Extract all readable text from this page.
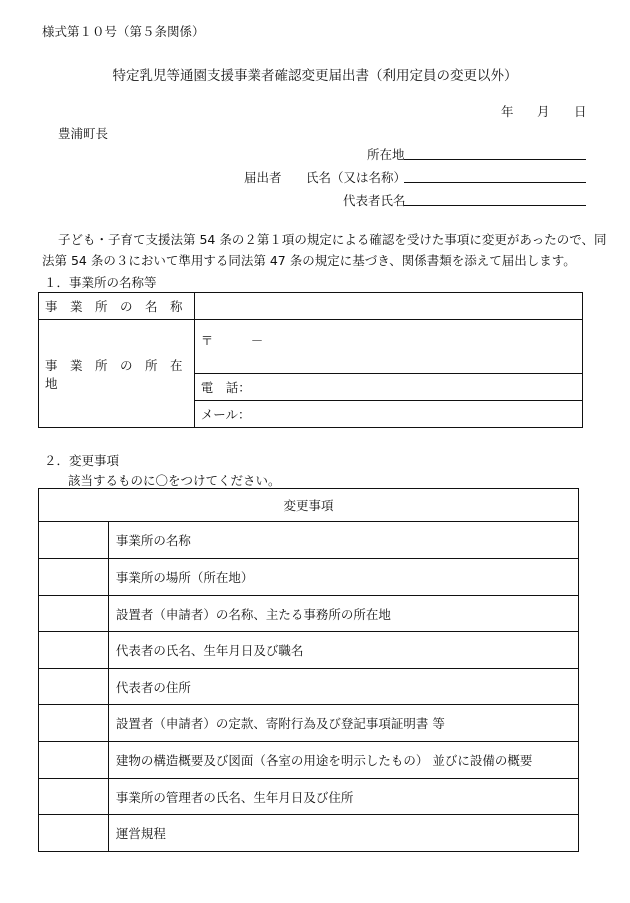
様式第１０号（第５条関係）
特定乳児等通園支援事業者確認変更届出書（利用定員の変更以外）
年 月 日
豊浦町長
所在地
届出者 氏名（又は名称）
代表者氏名
子ども・子育て支援法第 54 条の２第１項の規定による確認を受けた事項に変更があったので、同
法第 54 条の３において準用する同法第 47 条の規定に基づき、関係書類を添えて届出します。
１．事業所の名称等
事　業　所　の　名　称	
事　業　所　の　所　在　地	〒　　　－
	電　話：
	メール：
２．変更事項
該当するものに〇をつけてください。
変更事項	
	事業所の名称
	事業所の場所（所在地）
	設置者（申請者）の名称、主たる事務所の所在地
	代表者の氏名、生年月日及び職名
	代表者の住所
	設置者（申請者）の定款、寄附行為及び登記事項証明書 等
	建物の構造概要及び図面（各室の用途を明示したもの） 並びに設備の概要
	事業所の管理者の氏名、生年月日及び住所
	運営規程
